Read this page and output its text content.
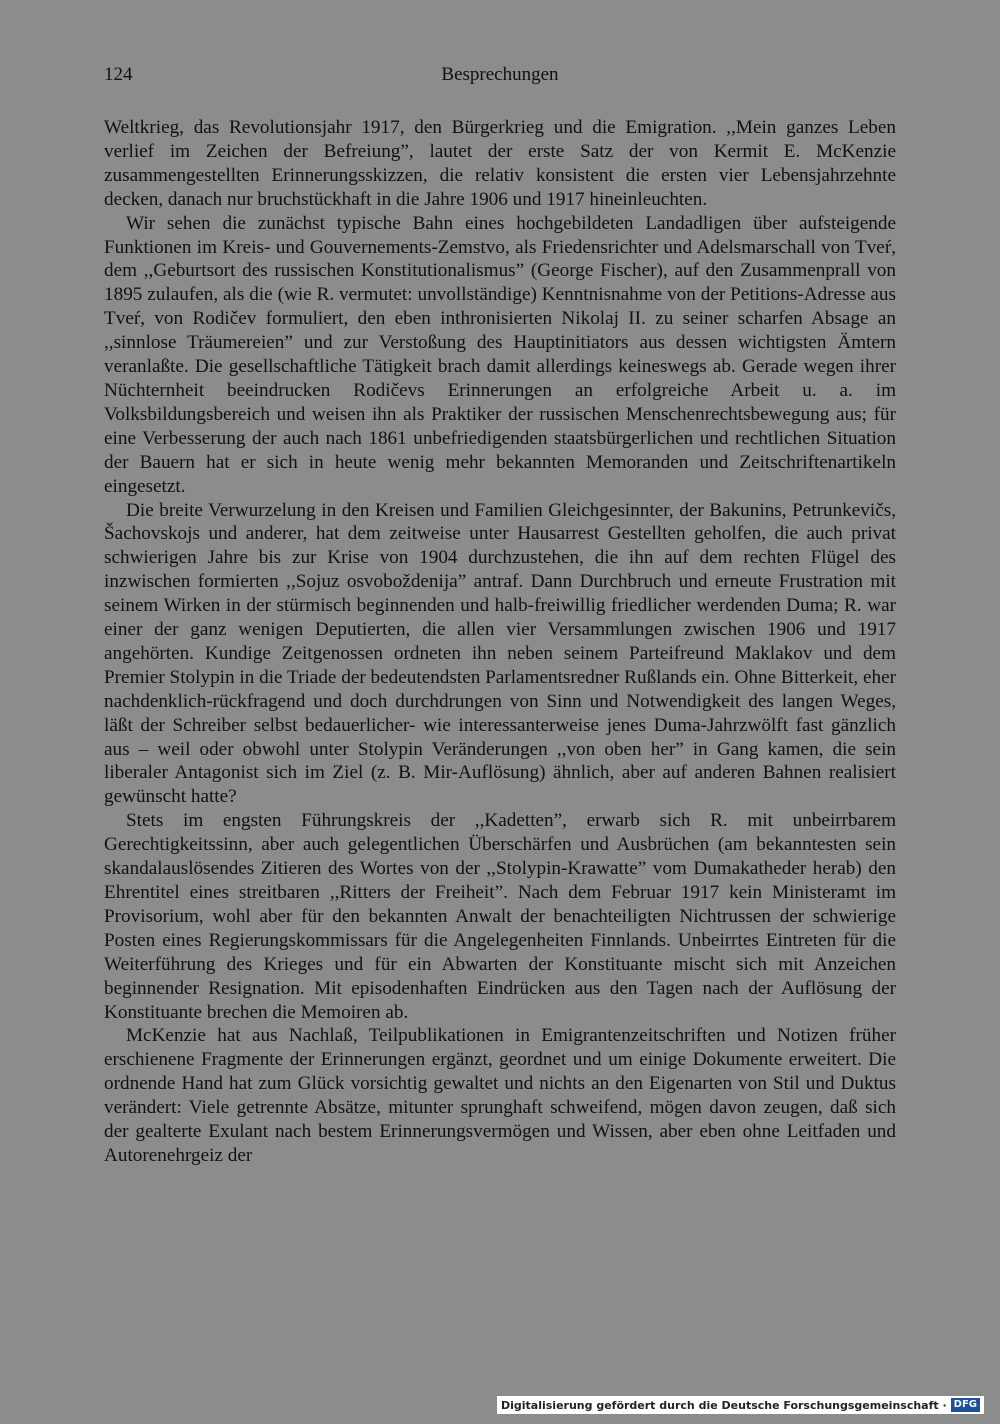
124	Besprechungen

Weltkrieg, das Revolutionsjahr 1917, den Bürgerkrieg und die Emigration. ,,Mein ganzes Leben verlief im Zeichen der Befreiung”, lautet der erste Satz der von Kermit E. McKenzie zusammengestellten Erinnerungsskizzen, die relativ konsistent die ersten vier Lebensjahrzehnte decken, danach nur bruchstückhaft in die Jahre 1906 und 1917 hineinleuchten.

Wir sehen die zunächst typische Bahn eines hochgebildeten Landadligen über aufsteigende Funktionen im Kreis- und Gouvernements-Zemstvo, als Friedensrichter und Adelsmarschall von Tveŕ, dem ,,Geburtsort des russischen Konstitutionalismus” (George Fischer), auf den Zusammenprall von 1895 zulaufen, als die (wie R. vermutet: unvollständige) Kenntnisnahme von der Petitions-Adresse aus Tveŕ, von Rodičev formuliert, den eben inthronisierten Nikolaj II. zu seiner scharfen Absage an ,,sinnlose Träumereien” und zur Verstoßung des Hauptinitiators aus dessen wichtigsten Ämtern veranlaßte. Die gesellschaftliche Tätigkeit brach damit allerdings keineswegs ab. Gerade wegen ihrer Nüchternheit beeindrucken Rodičevs Erinnerungen an erfolgreiche Arbeit u. a. im Volksbildungsbereich und weisen ihn als Praktiker der russischen Menschenrechtsbewegung aus; für eine Verbesserung der auch nach 1861 unbefriedigenden staatsbürgerlichen und rechtlichen Situation der Bauern hat er sich in heute wenig mehr bekannten Memoranden und Zeitschriftenartikeln eingesetzt.

Die breite Verwurzelung in den Kreisen und Familien Gleichgesinnter, der Bakunins, Petrunkevičs, Šachovskojs und anderer, hat dem zeitweise unter Hausarrest Gestellten geholfen, die auch privat schwierigen Jahre bis zur Krise von 1904 durchzustehen, die ihn auf dem rechten Flügel des inzwischen formierten ,,Sojuz osvoboždenija” antraf. Dann Durchbruch und erneute Frustration mit seinem Wirken in der stürmisch beginnenden und halb-freiwillig friedlicher werdenden Duma; R. war einer der ganz wenigen Deputierten, die allen vier Versammlungen zwischen 1906 und 1917 angehörten. Kundige Zeitgenossen ordneten ihn neben seinem Parteifreund Maklakov und dem Premier Stolypin in die Triade der bedeutendsten Parlamentsredner Rußlands ein. Ohne Bitterkeit, eher nachdenklich-rückfragend und doch durchdrungen von Sinn und Notwendigkeit des langen Weges, läßt der Schreiber selbst bedauerlicher- wie interessanterweise jenes Duma-Jahrzwölft fast gänzlich aus – weil oder obwohl unter Stolypin Veränderungen ,,von oben her” in Gang kamen, die sein liberaler Antagonist sich im Ziel (z. B. Mir-Auflösung) ähnlich, aber auf anderen Bahnen realisiert gewünscht hatte?

Stets im engsten Führungskreis der ,,Kadetten”, erwarb sich R. mit unbeirrbarem Gerechtigkeitssinn, aber auch gelegentlichen Überschärfen und Ausbrüchen (am bekanntesten sein skandalauslösendes Zitieren des Wortes von der ,,Stolypin-Krawatte” vom Dumakatheder herab) den Ehrentitel eines streitbaren ,,Ritters der Freiheit”. Nach dem Februar 1917 kein Ministeramt im Provisorium, wohl aber für den bekannten Anwalt der benachteiligten Nichtrussen der schwierige Posten eines Regierungskommissars für die Angelegenheiten Finnlands. Unbeirrtes Eintreten für die Weiterführung des Krieges und für ein Abwarten der Konstituante mischt sich mit Anzeichen beginnender Resignation. Mit episodenhaften Eindrücken aus den Tagen nach der Auflösung der Konstituante brechen die Memoiren ab.

McKenzie hat aus Nachlaß, Teilpublikationen in Emigrantenzeitschriften und Notizen früher erschienene Fragmente der Erinnerungen ergänzt, geordnet und um einige Dokumente erweitert. Die ordnende Hand hat zum Glück vorsichtig gewaltet und nichts an den Eigenarten von Stil und Duktus verändert: Viele getrennte Absätze, mitunter sprunghaft schweifend, mögen davon zeugen, daß sich der gealterte Exulant nach bestem Erinnerungsvermögen und Wissen, aber eben ohne Leitfaden und Autorenehrgeiz der

Digitalisierung gefördert durch die Deutsche Forschungsgemeinschaft · DFG
